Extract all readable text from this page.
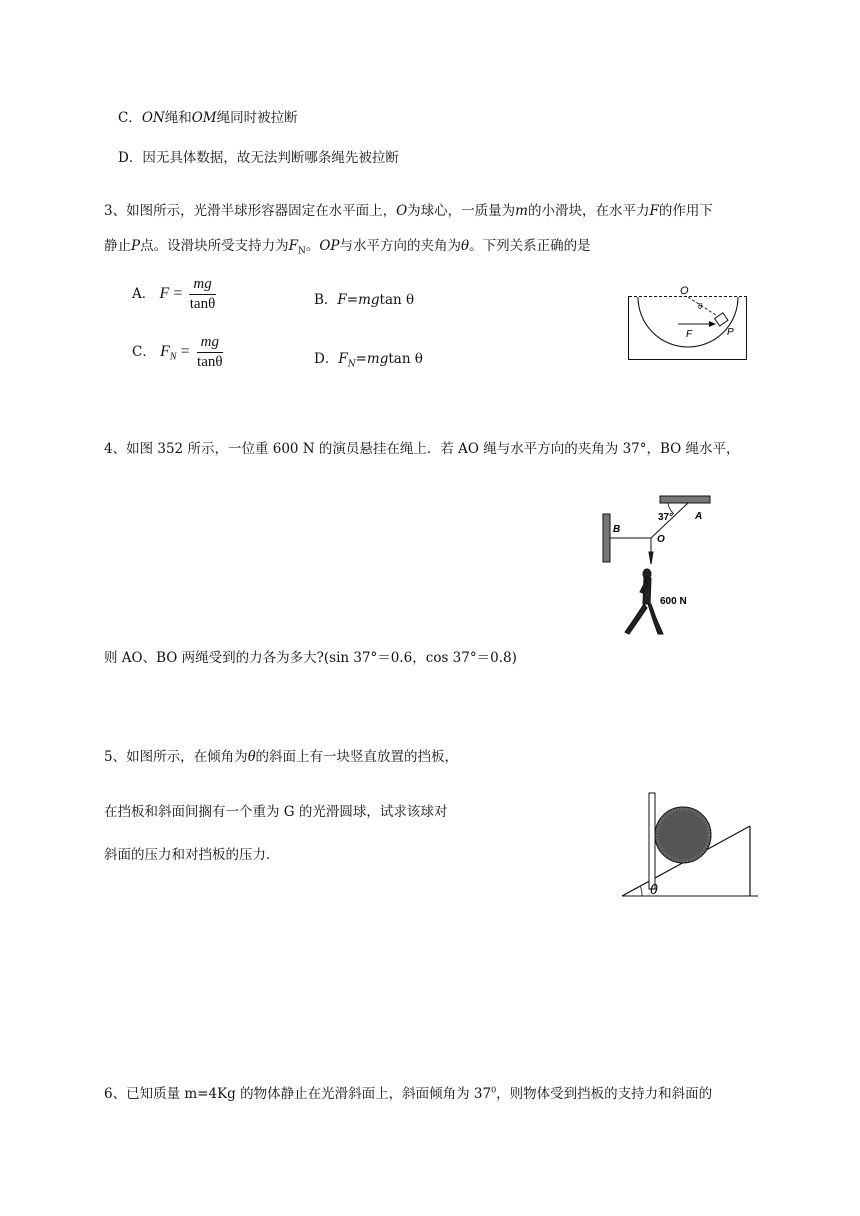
C．ON绳和OM绳同时被拉断
D．因无具体数据，故无法判断哪条绳先被拉断
3、如图所示，光滑半球形容器固定在水平面上，O为球心，一质量为m的小滑块，在水平力F的作用下
静止P点。设滑块所受支持力为$F_N$。OP与水平方向的夹角为θ。下列关系正确的是
A． $F = \frac{mg}{\tan\theta}$	B．F=mgtan θ
C． $F_N = \frac{mg}{\tan\theta}$	D．$F_N=mgtan$ θ
O
θ
F	P
4、如图 352 所示，一位重 600 N 的演员悬挂在绳上．若 AO 绳与水平方向的夹角为 37°，BO 绳水平，
则 AO、BO 两绳受到的力各为多大?(sin 37°＝0.6，cos 37°＝0.8)
37° A
B
O
600 N
5、如图所示，在倾角为θ的斜面上有一块竖直放置的挡板，
在挡板和斜面间搁有一个重为 G 的光滑圆球，试求该球对
斜面的压力和对挡板的压力．
θ
6、已知质量 m=4Kg 的物体静止在光滑斜面上，斜面倾角为 $37^0$，则物体受到挡板的支持力和斜面的
